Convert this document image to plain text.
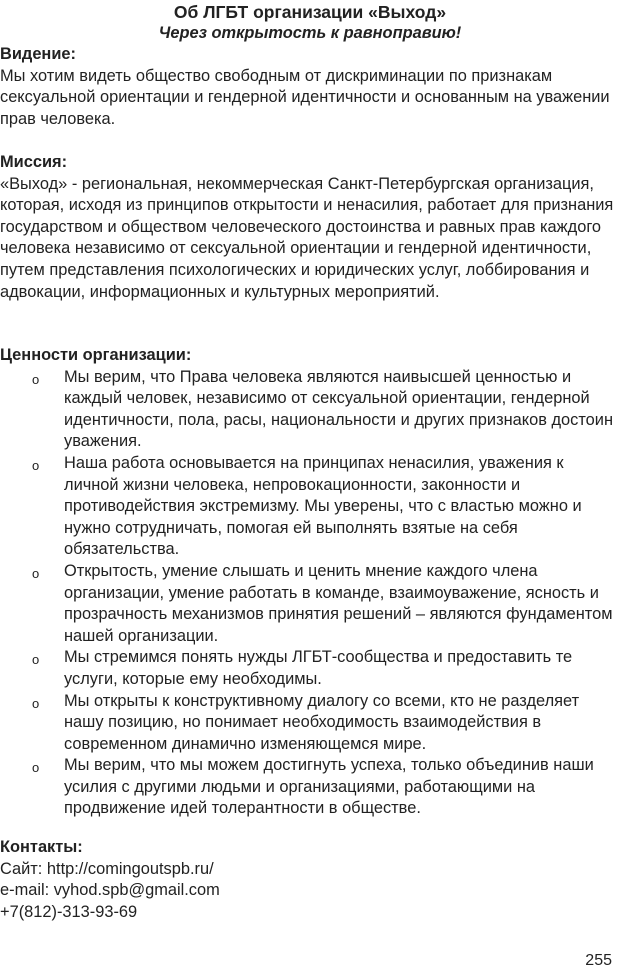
Об ЛГБТ организации «Выход»
Через открытость к равноправию!
Видение:

Мы хотим видеть общество свободным от дискриминации по признакам сексуальной ориентации и гендерной идентичности и основанным на уважении прав человека.

Миссия:

«Выход» - региональная, некоммерческая Санкт-Петербургская организация, которая, исходя из принципов открытости и ненасилия, работает для признания государством и обществом человеческого достоинства и равных прав каждого человека независимо от сексуальной ориентации и гендерной идентичности, путем представления психологических и юридических услуг, лоббирования и адвокации, информационных и культурных мероприятий.

Ценности организации:
o Мы верим, что Права человека являются наивысшей ценностью и каждый человек, независимо от сексуальной ориентации, гендерной идентичности, пола, расы, национальности и других признаков достоин уважения.
o Наша работа основывается на принципах ненасилия, уважения к личной жизни человека, непровокационности, законности и противодействия экстремизму. Мы уверены, что с властью можно и нужно сотрудничать, помогая ей выполнять взятые на себя обязательства.
o Открытость, умение слышать и ценить мнение каждого члена организации, умение работать в команде, взаимоуважение, ясность и прозрачность механизмов принятия решений – являются фундаментом нашей организации.
o Мы стремимся понять нужды ЛГБТ-сообщества и предоставить те услуги, которые ему необходимы.
o Мы открыты к конструктивному диалогу со всеми, кто не разделяет нашу позицию, но понимает необходимость взаимодействия в современном динамично изменяющемся мире.
o Мы верим, что мы можем достигнуть успеха, только объединив наши усилия с другими людьми и организациями, работающими на продвижение идей толерантности в обществе.
Контакты:
Сайт: http://comingoutspb.ru/
e-mail: vyhod.spb@gmail.com
+7(812)-313-93-69
255
